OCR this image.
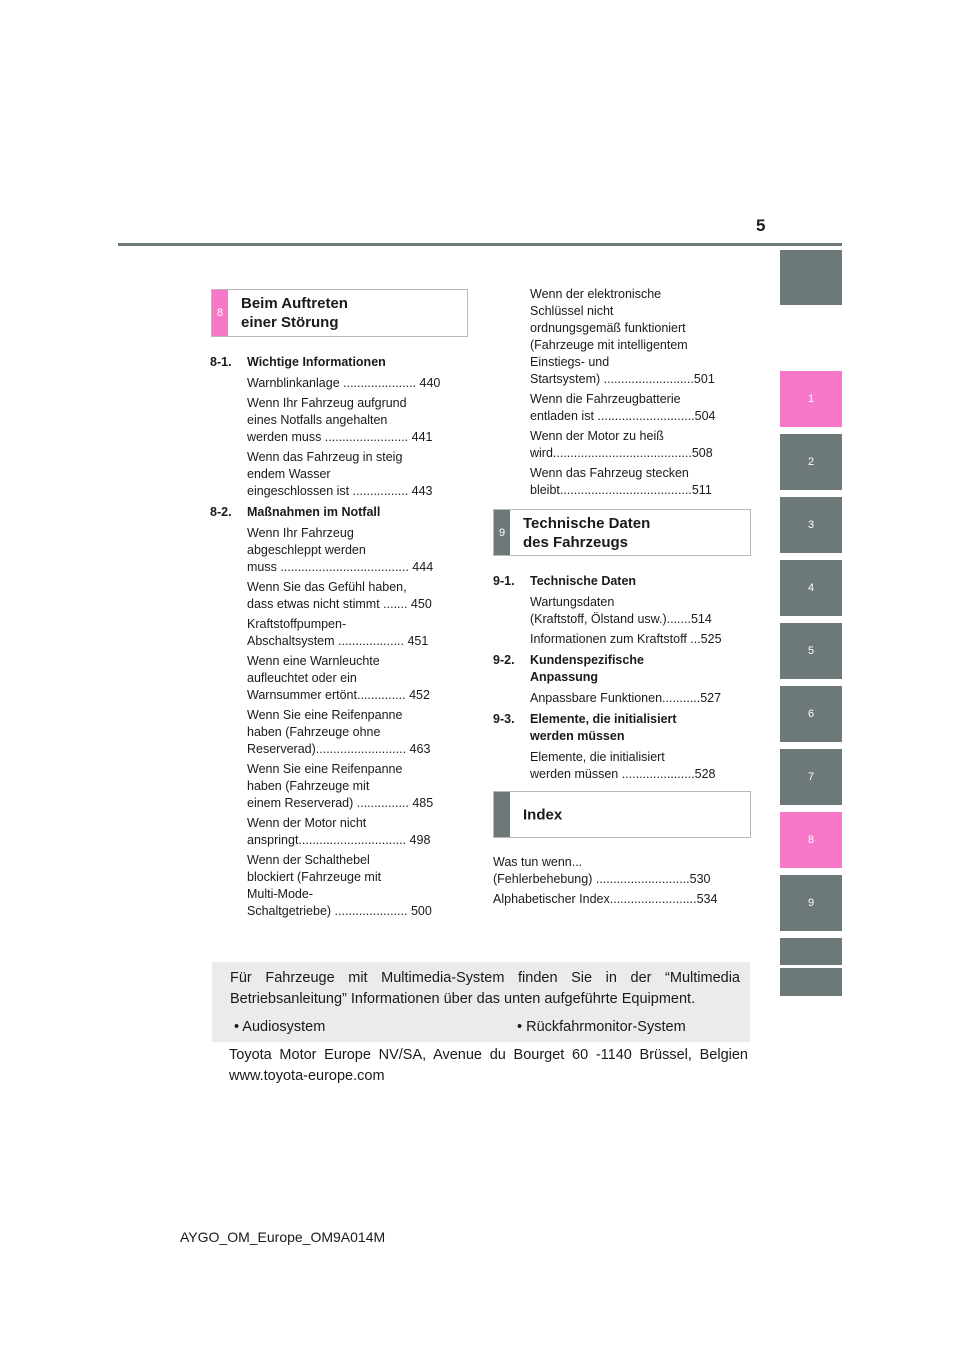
5
1
2
3
4
5
6
7
8
9
8
Beim Auftreten
einer Störung
8-1.	Wichtige Informationen
Warnblinkanlage ..................... 440
Wenn Ihr Fahrzeug aufgrund
eines Notfalls angehalten
werden muss ........................ 441
Wenn das Fahrzeug in steig
endem Wasser
eingeschlossen ist ................ 443
8-2.	Maßnahmen im Notfall
Wenn Ihr Fahrzeug
abgeschleppt werden
muss ..................................... 444
Wenn Sie das Gefühl haben,
dass etwas nicht stimmt ....... 450
Kraftstoffpumpen-
Abschaltsystem ................... 451
Wenn eine Warnleuchte
aufleuchtet oder ein
Warnsummer ertönt.............. 452
Wenn Sie eine Reifenpanne
haben (Fahrzeuge ohne
Reserverad).......................... 463
Wenn Sie eine Reifenpanne
haben (Fahrzeuge mit
einem Reserverad) ............... 485
Wenn der Motor nicht
anspringt............................... 498
Wenn der Schalthebel
blockiert (Fahrzeuge mit
Multi-Mode-
Schaltgetriebe) ..................... 500
Wenn der elektronische
Schlüssel nicht
ordnungsgemäß funktioniert
(Fahrzeuge mit intelligentem
Einstiegs- und
Startsystem) ..........................501
Wenn die Fahrzeugbatterie
entladen ist ............................504
Wenn der Motor zu heiß
wird........................................508
Wenn das Fahrzeug stecken
bleibt......................................511
9
Technische Daten
des Fahrzeugs
9-1.	Technische Daten
Wartungsdaten
(Kraftstoff, Ölstand usw.).......514
Informationen zum Kraftstoff ...525
9-2.	Kundenspezifische
Anpassung
Anpassbare Funktionen...........527
9-3.	Elemente, die initialisiert
werden müssen
Elemente, die initialisiert
werden müssen .....................528
Index
Was tun wenn...
(Fehlerbehebung) ...........................530
Alphabetischer Index.........................534
Für Fahrzeuge mit Multimedia-System finden Sie in der “Multimedia Betriebsanleitung” Informationen über das unten aufgeführte Equipment.
• Audiosystem	• Rückfahrmonitor-System
Toyota Motor Europe NV/SA, Avenue du Bourget 60 -1140 Brüssel, Belgien www.toyota-europe.com
AYGO_OM_Europe_OM9A014M
